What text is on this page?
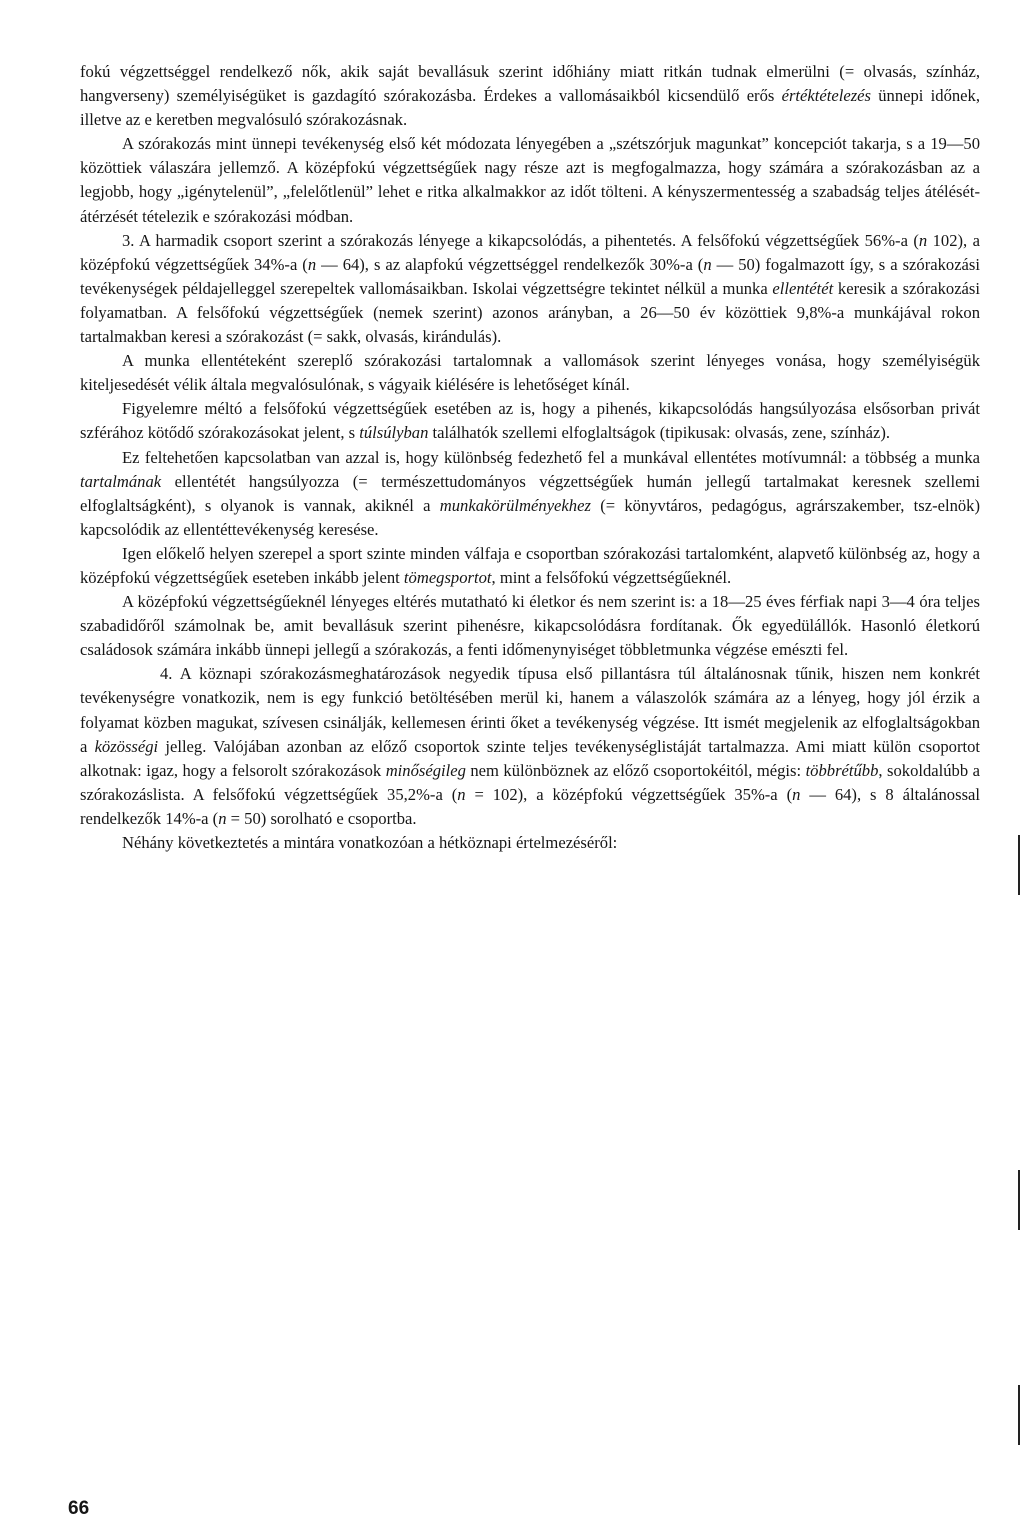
fokú végzettséggel rendelkező nők, akik saját bevallásuk szerint időhiány miatt ritkán tudnak elmerülni (= olvasás, színház, hangverseny) személyiségüket is gazdagító szórakozásba. Érdekes a vallomásaikból kicsendülő erős értéktételezés ünnepi időnek, illetve az e keretben megvalósuló szórakozásnak.

A szórakozás mint ünnepi tevékenység első két módozata lényegében a „szétszórjuk magunkat” koncepciót takarja, s a 19—50 közöttiek válaszára jellemző. A középfokú végzettségűek nagy része azt is megfogalmazza, hogy számára a szórakozásban az a legjobb, hogy „igénytelenül”, „felelőtlenül” lehet e ritka alkalmakkor az időt tölteni. A kényszermentesség a szabadság teljes átélését-átérzését tételezik e szórakozási módban.

3. A harmadik csoport szerint a szórakozás lényege a kikapcsolódás, a pihentetés. A felsőfokú végzettségűek 56%-a (n 102), a középfokú végzettségűek 34%-a (n — 64), s az alapfokú végzettséggel rendelkezők 30%-a (n — 50) fogalmazott így, s a szórakozási tevékenységek példajelleggel szerepeltek vallomásaikban. Iskolai végzettségre tekintet nélkül a munka ellentétét keresik a szórakozási folyamatban. A felsőfokú végzettségűek (nemek szerint) azonos arányban, a 26—50 év közöttiek 9,8%-a munkájával rokon tartalmakban keresi a szórakozást (= sakk, olvasás, kirándulás).

A munka ellentéteként szereplő szórakozási tartalomnak a vallomások szerint lényeges vonása, hogy személyiségük kiteljesedését vélik általa megvalósulónak, s vágyaik kiélésére is lehetőséget kínál.

Figyelemre méltó a felsőfokú végzettségűek esetében az is, hogy a pihenés, kikapcsolódás hangsúlyozása elsősorban privát szférához kötődő szórakozásokat jelent, s túlsúlyban találhatók szellemi elfoglaltságok (tipikusak: olvasás, zene, színház).

Ez feltehetően kapcsolatban van azzal is, hogy különbség fedezhető fel a munkával ellentétes motívumnál: a többség a munka tartalmának ellentétét hangsúlyozza (= természettudományos végzettségűek humán jellegű tartalmakat keresnek szellemi elfoglaltságként), s olyanok is vannak, akiknél a munkakörülményekhez (= könyvtáros, pedagógus, agrárszakember, tsz-elnök) kapcsolódik az ellentéttevékenység keresése.

Igen előkelő helyen szerepel a sport szinte minden válfaja e csoportban szórakozási tartalomként, alapvető különbség az, hogy a középfokú végzettségűek eseteben inkább jelent tömegsportot, mint a felsőfokú végzettségűeknél.

A középfokú végzettségűeknél lényeges eltérés mutatható ki életkor és nem szerint is: a 18—25 éves férfiak napi 3—4 óra teljes szabadidőről számolnak be, amit bevallásuk szerint pihenésre, kikapcsolódásra fordítanak. Ők egyedülállók. Hasonló életkorú családosok számára inkább ünnepi jellegű a szórakozás, a fenti időmenynyiséget többletmunka végzése emészti fel.

4. A köznapi szórakozásmeghatározások negyedik típusa első pillantásra túl általánosnak tűnik, hiszen nem konkrét tevékenységre vonatkozik, nem is egy funkció betöltésében merül ki, hanem a válaszolók számára az a lényeg, hogy jól érzik a folyamat közben magukat, szívesen csinálják, kellemesen érinti őket a tevékenység végzése. Itt ismét megjelenik az elfoglaltságokban a közösségi jelleg. Valójában azonban az előző csoportok szinte teljes tevékenységlistáját tartalmazza. Ami miatt külön csoportot alkotnak: igaz, hogy a felsorolt szórakozások minőségileg nem különböznek az előző csoportokéitól, mégis: többrétűbb, sokoldalúbb a szórakozáslista. A felsőfokú végzettségűek 35,2%-a (n = 102), a középfokú végzettségűek 35%-a (n — 64), s 8 általánossal rendelkezők 14%-a (n = 50) sorolható e csoportba.

Néhány következtetés a mintára vonatkozóan a hétköznapi értelmezéséről:

66
